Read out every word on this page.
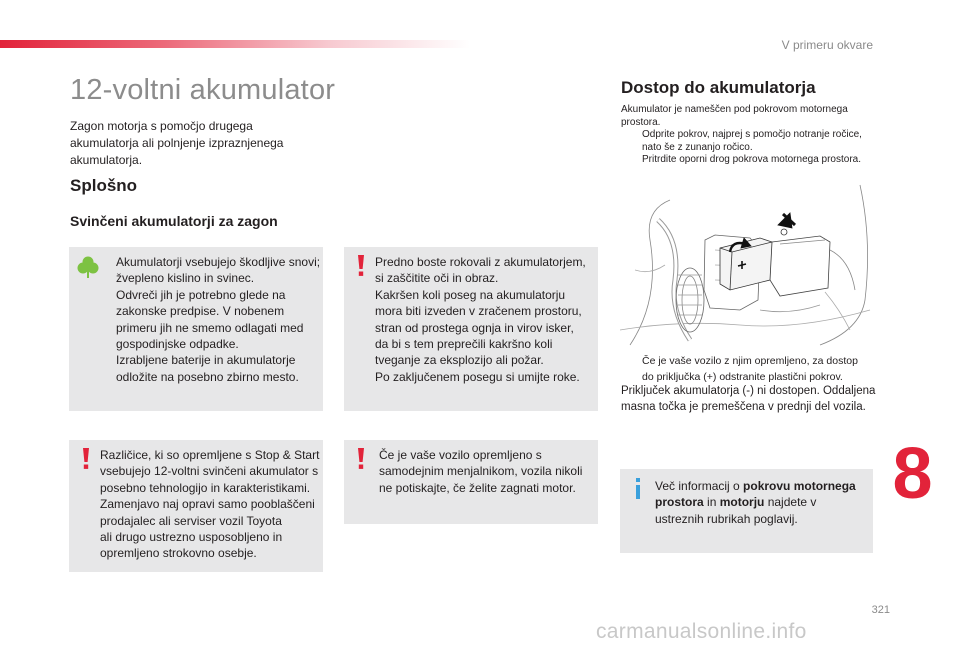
V primeru okvare
12-voltni akumulator

Zagon motorja s pomočjo drugega akumulatorja ali polnjenje izpraznjenega akumulatorja.

Splošno
Svinčeni akumulatorji za zagon
Akumulatorji vsebujejo škodljive snovi;
žvepleno kislino in svinec.
Odvreči jih je potrebno glede na
zakonske predpise. V nobenem
primeru jih ne smemo odlagati med
gospodinjske odpadke.
Izrabljene baterije in akumulatorje
odložite na posebno zbirno mesto.
Predno boste rokovali z akumulatorjem,
si zaščitite oči in obraz.
Kakršen koli poseg na akumulatorju
mora biti izveden v zračenem prostoru,
stran od prostega ognja in virov isker,
da bi s tem preprečili kakršno koli
tveganje za eksplozijo ali požar.
Po zaključenem posegu si umijte roke.
Različice, ki so opremljene s Stop & Start
vsebujejo 12-voltni svinčeni akumulator s
posebno tehnologijo in karakteristikami.
Zamenjavo naj opravi samo pooblaščeni
prodajalec ali serviser vozil Toyota
ali drugo ustrezno usposobljeno in
opremljeno strokovno osebje.
Če je vaše vozilo opremljeno s
samodejnim menjalnikom, vozila nikoli
ne potiskajte, če želite zagnati motor.
Dostop do akumulatorja
Akumulator je nameščen pod pokrovom motornega prostora.
Odprite pokrov, najprej s pomočjo notranje ročice,
nato še z zunanjo ročico.
Pritrdite oporni drog pokrova motornega prostora.
Če je vaše vozilo z njim opremljeno, za dostop
do priključka (+) odstranite plastični pokrov.

Priključek akumulatorja (-) ni dostopen. Oddaljena masna točka je premeščena v prednji del vozila.

Več informacij o pokrovu motornega prostora in motorju najdete v ustreznih rubrikah poglavij.
8
321
carmanualsonline.info
